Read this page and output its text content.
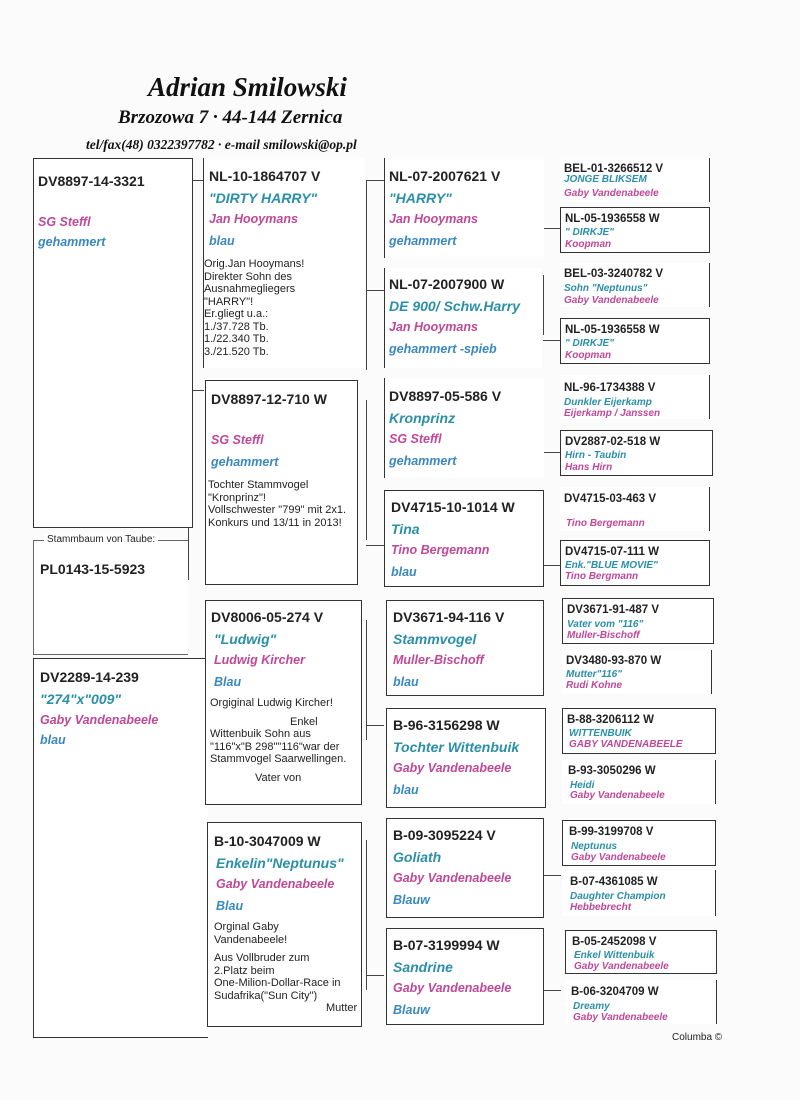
Adrian Smilowski
Brzozowa 7 · 44-144 Zernica
tel/fax(48) 0322397782 · e-mail smilowski@op.pl
DV8897-14-3321
SG Steffl
gehammert
Stammbaum von Taube:
PL0143-15-5923
DV2289-14-239
"274"x"009"
Gaby Vandenabeele
blau
NL-10-1864707 V
"DIRTY HARRY"
Jan Hooymans
blau
Orig.Jan Hooymans!
Direkter Sohn des
Ausnahmegliegers
"HARRY"!
Er.gliegt u.a.:
1./37.728 Tb.
1./22.340 Tb.
3./21.520 Tb.
DV8897-12-710 W
SG Steffl
gehammert
Tochter Stammvogel
"Kronprinz"!
Vollschwester "799" mit 2x1.
Konkurs und 13/11 in 2013!
DV8006-05-274 V
"Ludwig"
Ludwig Kircher
Blau
Orgiginal Ludwig Kircher!
Enkel
Wittenbuik Sohn aus
"116"x"B 298""116"war der
Stammvogel Saarwellingen.
Vater von
B-10-3047009 W
Enkelin"Neptunus"
Gaby Vandenabeele
Blau
Orginal Gaby
Vandenabeele!
Aus Vollbruder zum
2.Platz beim
One-Milion-Dollar-Race in
Sudafrika("Sun City")
Mutter
NL-07-2007621 V
"HARRY"
Jan Hooymans
gehammert
NL-07-2007900 W
DE 900/ Schw.Harry
Jan Hooymans
gehammert -spieb
DV8897-05-586 V
Kronprinz
SG Steffl
gehammert
DV4715-10-1014 W
Tina
Tino Bergemann
blau
DV3671-94-116 V
Stammvogel
Muller-Bischoff
blau
B-96-3156298 W
Tochter Wittenbuik
Gaby Vandenabeele
blau
B-09-3095224 V
Goliath
Gaby Vandenabeele
Blauw
B-07-3199994 W
Sandrine
Gaby Vandenabeele
Blauw
BEL-01-3266512 V
JONGE BLIKSEM
Gaby Vandenabeele
NL-05-1936558 W
" DIRKJE"
Koopman
BEL-03-3240782 V
Sohn "Neptunus"
Gaby Vandenabeele
NL-05-1936558 W
" DIRKJE"
Koopman
NL-96-1734388 V
Dunkler Eijerkamp
Eijerkamp / Janssen
DV2887-02-518 W
Hirn - Taubin
Hans Hirn
DV4715-03-463 V
Tino Bergemann
DV4715-07-111 W
Enk."BLUE MOVIE"
Tino Bergmann
DV3671-91-487 V
Vater vom "116"
Muller-Bischoff
DV3480-93-870 W
Mutter"116"
Rudi Kohne
B-88-3206112 W
WITTENBUIK
GABY VANDENABEELE
B-93-3050296 W
Heidi
Gaby Vandenabeele
B-99-3199708 V
Neptunus
Gaby Vandenabeele
B-07-4361085 W
Daughter Champion
Hebbebrecht
B-05-2452098 V
Enkel Wittenbuik
Gaby Vandenabeele
B-06-3204709 W
Dreamy
Gaby Vandenabeele
Columba ©
